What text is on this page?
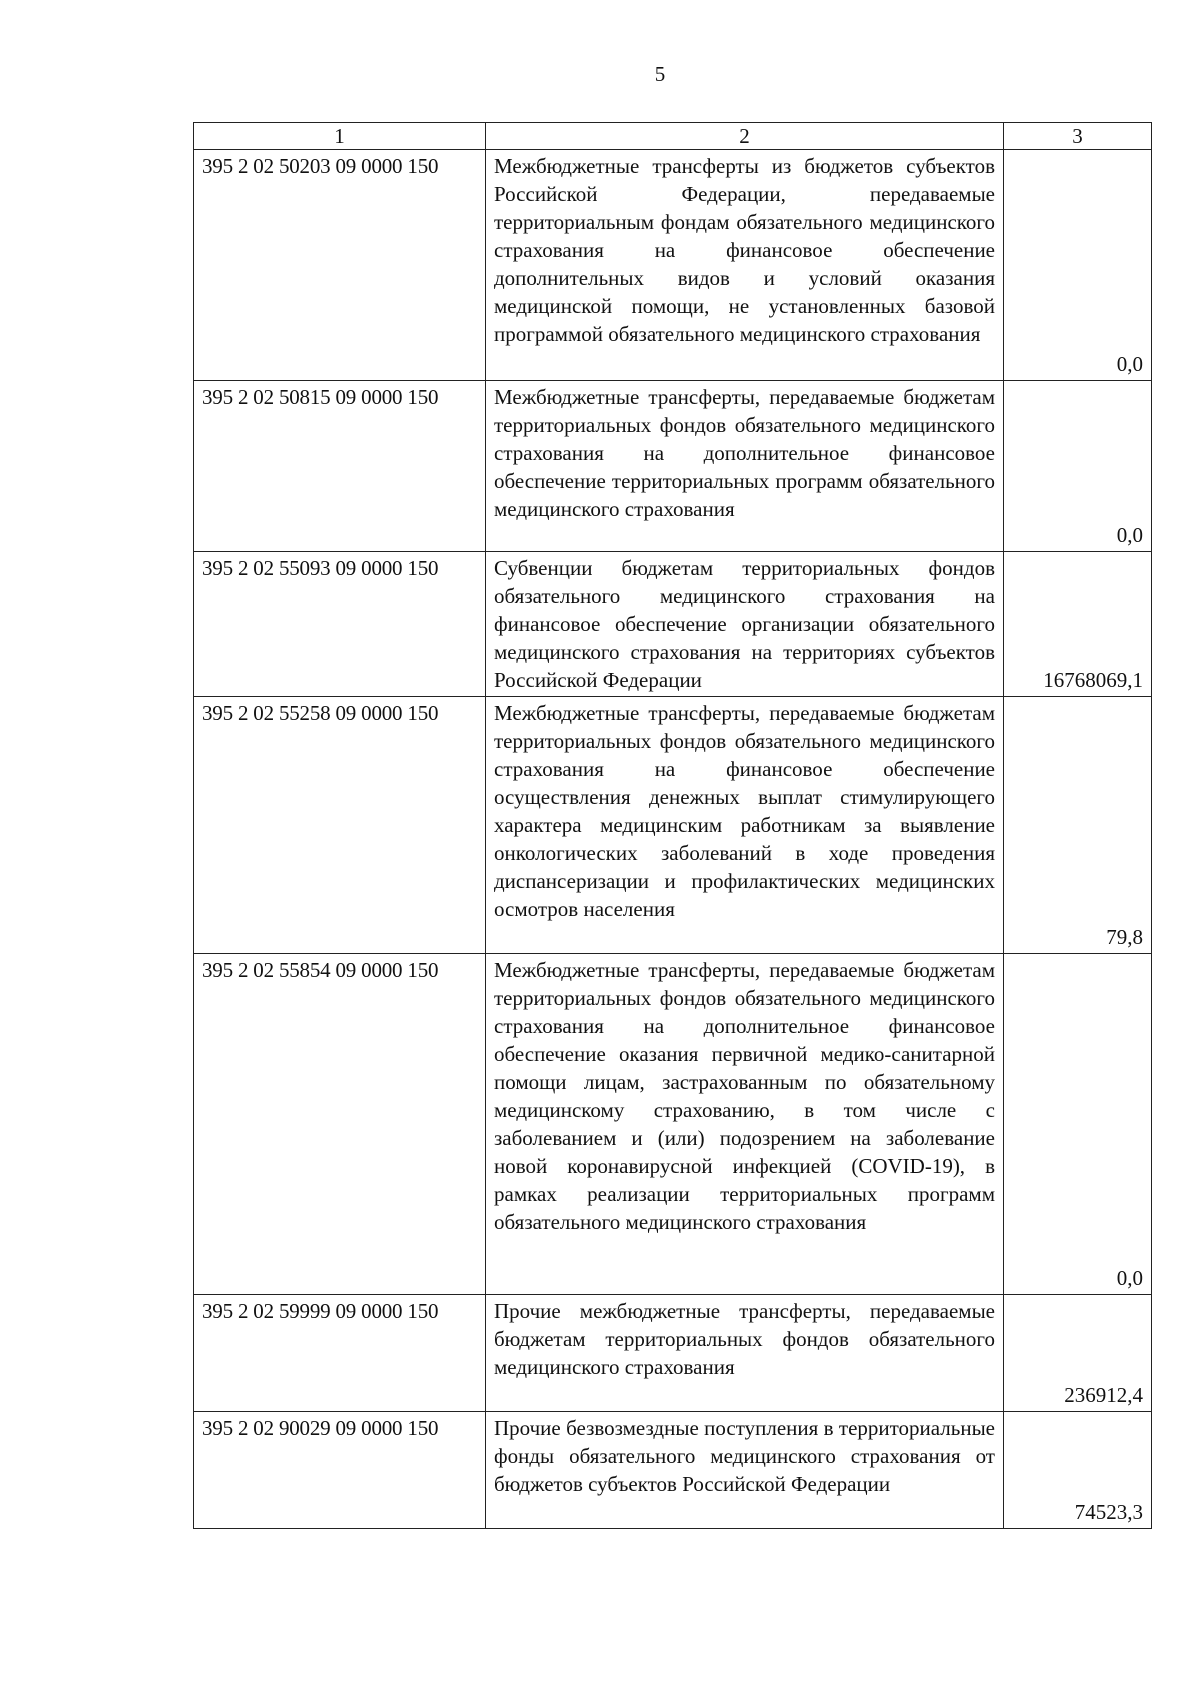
5
1	2	3
395 2 02 50203 09 0000 150	Межбюджетные трансферты из бюджетов субъектов Российской Федерации, передаваемые территориальным фондам обязательного медицинского страхования на финансовое обеспечение дополнительных видов и условий оказания медицинской помощи, не установленных базовой программой обязательного медицинского страхования	0,0
395 2 02 50815 09 0000 150	Межбюджетные трансферты, передаваемые бюджетам территориальных фондов обязательного медицинского страхования на дополнительное финансовое обеспечение территориальных программ обязательного медицинского страхования	0,0
395 2 02 55093 09 0000 150	Субвенции бюджетам территориальных фондов обязательного медицинского страхования на финансовое обеспечение организации обязательного медицинского страхования на территориях субъектов Российской Федерации	16768069,1
395 2 02 55258 09 0000 150	Межбюджетные трансферты, передаваемые бюджетам территориальных фондов обязательного медицинского страхования на финансовое обеспечение осуществления денежных выплат стимулирующего характера медицинским работникам за выявление онкологических заболеваний в ходе проведения диспансеризации и профилактических медицинских осмотров населения	79,8
395 2 02 55854 09 0000 150	Межбюджетные трансферты, передаваемые бюджетам территориальных фондов обязательного медицинского страхования на дополнительное финансовое обеспечение оказания первичной медико-санитарной помощи лицам, застрахованным по обязательному медицинскому страхованию, в том числе с заболеванием и (или) подозрением на заболевание новой коронавирусной инфекцией (COVID-19), в рамках реализации территориальных программ обязательного медицинского страхования	0,0
395 2 02 59999 09 0000 150	Прочие межбюджетные трансферты, передаваемые бюджетам территориальных фондов обязательного медицинского страхования	236912,4
395 2 02 90029 09 0000 150	Прочие безвозмездные поступления в территориальные фонды обязательного медицинского страхования от бюджетов субъектов Российской Федерации	74523,3
